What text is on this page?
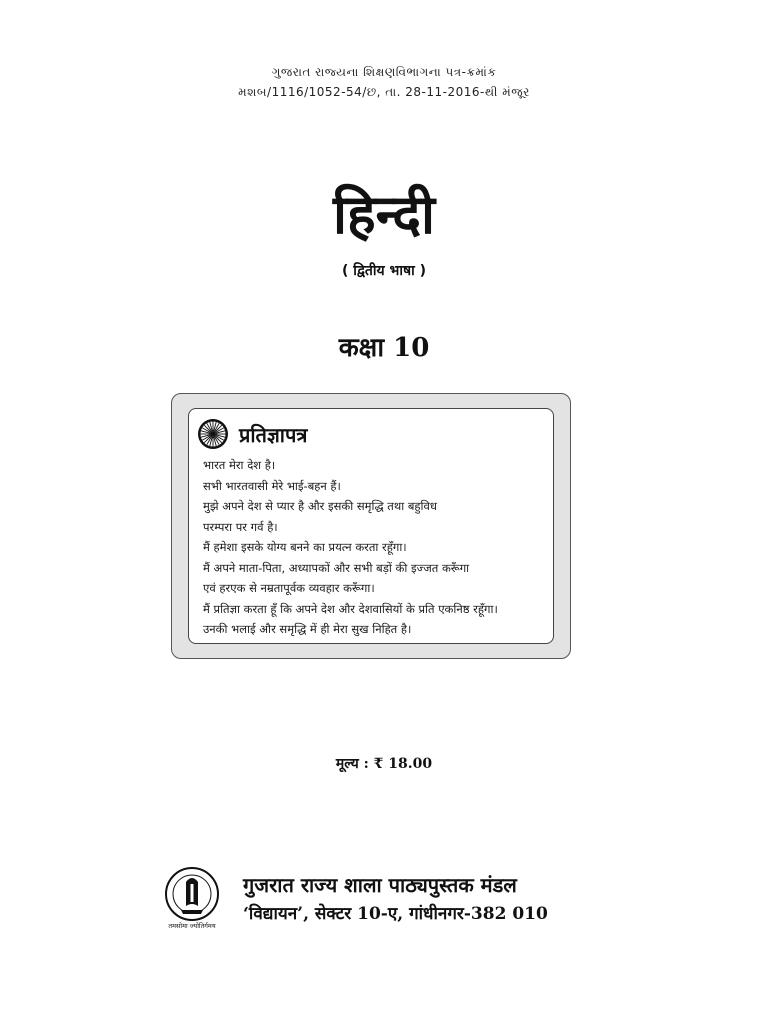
ગુજરાત રાજ્યના શિક્ષણવિભાગના પત્ર-ક્રમાંક
મશબ/1116/1052-54/છ, તા. 28-11-2016-થી મંજૂર
हिन्दी
( द्वितीय भाषा )
कक्षा 10
प्रतिज्ञापत्र
भारत मेरा देश है।
सभी भारतवासी मेरे भाई-बहन हैं।
मुझे अपने देश से प्यार है और इसकी समृद्धि तथा बहुविध
परम्परा पर गर्व है।
मैं हमेशा इसके योग्य बनने का प्रयत्न करता रहूँगा।
मैं अपने माता-पिता, अध्यापकों और सभी बड़ों की इज्जत करूँगा
एवं हरएक से नम्रतापूर्वक व्यवहार करूँगा।
मैं प्रतिज्ञा करता हूँ कि अपने देश और देशवासियों के प्रति एकनिष्ठ रहूँगा।
उनकी भलाई और समृद्धि में ही मेरा सुख निहित है।
मूल्य : ₹ 18.00
तमसोमा ज्योतिर्गमय
गुजरात राज्य शाला पाठ्यपुस्तक मंडल
‘विद्यायन’, सेक्टर 10-ए, गांधीनगर-382 010
